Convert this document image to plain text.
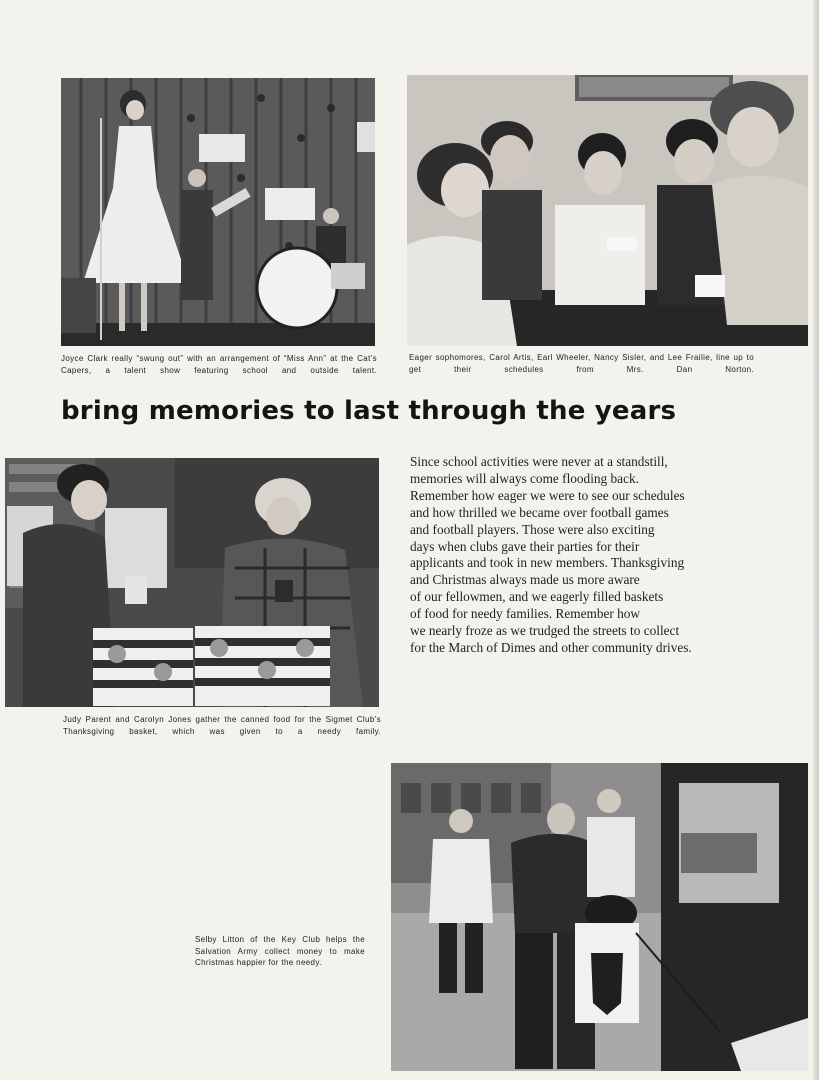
Joyce Clark really “swung out” with an arrangement of “Miss Ann” at the Cat’s Capers, a talent show featuring school and outside talent.
Eager sophomores, Carol Artis, Earl Wheeler, Nancy Sisler, and Lee Frailie, line up to get their schedules from Mrs. Dan Norton.
bring memories to last through the years
Judy Parent and Carolyn Jones gather the canned food for the Sigmet Club’s Thanksgiving basket, which was given to a needy family.
Since school activities were never at a standstill,
memories will always come flooding back.
Remember how eager we were to see our schedules
and how thrilled we became over football games
and football players. Those were also exciting
days when clubs gave their parties for their
applicants and took in new members. Thanksgiving
and Christmas always made us more aware
of our fellowmen, and we eagerly filled baskets
of food for needy families. Remember how
we nearly froze as we trudged the streets to collect
for the March of Dimes and other community drives.
Selby Litton of the Key Club helps the Salvation Army collect money to make Christmas happier for the needy.
